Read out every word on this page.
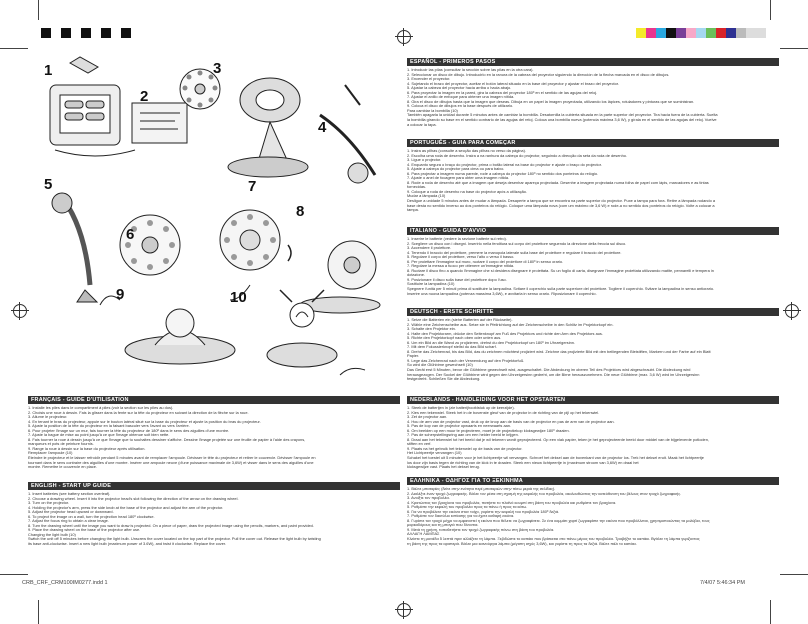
1
2
3
4
5
6
7
8
9	10
ESPAÑOL - PRIMEROS PASOS

1. Introducir las pilas (consultar la sección sobre las pilas en la otra cara).

2. Seleccionar un disco de dibujo. Introducirlo en la ranura de la cabeza del proyector siguiendo la dirección de la flecha marcada en el disco de dibujos.

3. Encender el proyector.

4. Sujetando el brazo del proyector, aceitar el botón lateral situado en la base del proyector y ajustar el brazo del proyector.

5. Ajustar la cabeza del proyector hacia arriba o hacia abajo.

6. Para proyectar la imagen en la pared, gira la cabeza del proyector 180º en el sentido de las agujas del reloj.

7. Ajustar el anillo de enfoque para obtener una imagen nítida.

8. Gira el disco de dibujos hasta que la imagen que deseas. Dibuja en un papel la imagen proyectada, utilizando los lápices, rotuladores y pinturas que se suministran.

9. Coloca el disco de dibujos en la base después de utilizarlo.

Para cambiar la bombilla (10)

También apagarla la unidad durante 5 minutos antes de cambiar la bombilla. Desatornilla la cubierta situada en la parte superior del proyector. Tira hacia fuera de la cubierta. Suelta

la bombilla girando su base en el sentido contrario de las agujas del reloj. Coloca una bombilla nueva (potencia máxima 3,6 W), y gírala en el sentido de las agujas del reloj. Vuelve

a colocar la tapa.

PORTUGUÊS - GUIA PARA COMEÇAR

1. Insira as pilhas (consulte a secção das pilhas no verso da página).

2. Escolha uma roda de desenho. Insira a na ranhura da cabeça do projector, seguindo a direcção da seta da roda de desenho.

3. Ligue o projector.

4. Enquanto segura o braço do projector, prima o botão lateral na base do projector e ajuste o braço do projector.

5. Ajuste a cabeça do projector para cima ou para baixo.

6. Para projectar a imagem numa parede, rode a cabeça do projector 180º no sentido dos ponteiros do relógio.

7. Ajuste o anel de focagem para obter uma imagem nítida.

8. Rode a roda de desenho até que a imagem que deseja desenhar apareça projectada. Desenhe a imagem projectada numa folha de papel com lápis, marcadores e as tintas

fornecidas.

9. Coloque a roda de desenho na base do projector após a utilização.

Mudar a lâmpada (10)

Desligue a unidade 5 minutos antes de mudar a lâmpada. Desaperte a tampa que se encontra na parte superior do projector. Puxe a tampa para fora. Retire a lâmpada rodando a

base desta no sentido inverso ao dos ponteiros do relógio. Coloque uma lâmpada nova (com um máximo de 3,6 W) e rode-a no sentido dos ponteiros do relógio. Volte a colocar a

tampa.

ITALIANO - GUIDA D'AVVIO

1. Inserire le batterie (vedere la sezione batterie sul retro).

2. Scegliere un disco con i disegni. Inserirlo nella fenditura sul corpo del proiettore seguendo la direzione della freccia sul disco.

3. Accendere il proiettore.

4. Tenendo il braccio del proiettore, premere la manopola laterale sulla base del proiettore e regolare il braccio del proiettore.

5. Regolare il corpo del proiettore, verso l'alto o verso il basso.

6. Per proiettare l'immagine sul muro, ruotare il corpo del proiettore di 180º in senso orario.

7. Regolare la messa a fuoco per ottenere un'immagine nitida.

8. Ruotare il disco fino a quando l'immagine che si desidera disegnare è proiettata. Su un foglio di carta, disegnare l'immagine proiettata utilizzando matite, pennarelli e tempera in

dotazione.

9. Posizionare il disco sulla base del proiettore dopo l'uso.

Sostituire la lampadina (10)

Spegnere l'unità per 5 minuti prima di sostituire la lampadina. Svitare il coperchio sulla parte superiore del proiettore. Togliere il coperchio. Svitare la lampadina in senso antiorario.

Inserire una nuova lampadina (potenza massima 3,6W), e avvitarla in senso orario. Riposizionare il coperchio.

DEUTSCH - ERSTE SCHRITTE

1. Setze die Batterien ein (siehe Batterien auf der Rückseite).

2. Wähle eine Zeichenscheibe aus. Setze sie in Pfeilrichtung auf der Zeichenscheibe in den Schlitz im Projektorkopf ein.

3. Schalte den Projektor ein.

4. Halte den Projektorarm, drücke den Seitenknopf am Fuß des Projektors und richte den Arm des Projektors aus.

5. Richte den Projektorkopf nach oben oder unten aus.

6. Um ein Bild an die Wand zu projizieren, drehst du den Projektorkopf um 180º im Uhrzeigersinn.

7. Mit dem Fokussierknopf stellst du das Bild scharf.

8. Drehe das Zeichenrad, bis das Bild, das du zeichnen möchtest projiziert wird. Zeichne das projizierte Bild mit den beiliegenden Bleistiften, Markern und der Farbe auf ein Blatt

Papier.

9. Lege das Zeichenrad nach der Verwendung auf den Projektorfuß.

So wird die Glühbirne gewechselt (10)

Das Gerät erst 5 Minuten, bevor die Glühbirne gewechselt wird, ausgeschaltet. Die Abdeckung im oberen Teil des Projektors wird abgeschraubt. Die Abdeckung wird

herausgezogen. Der Sockel der Glühbirne wird gegen den Uhrzeigersinn gedreht, um die Birne herauszunehmen. Die neue Glühbirne (max. 3,6 W) wird im Uhrzeigersinn

festgedreht. Schließen Sie die Abdeckung.

FRANÇAIS - GUIDE D'UTILISATION

1. Installe les piles dans le compartiment à piles (voir la section sur les piles au dos).

2. Choisis une roue à dessin. Fais la glisser dans la fente sur la tête du projecteur en suivant la direction de la flèche sur la roue.

3. Allume le projecteur.

4. En tenant le bras du projecteur, appuie sur le bouton latéral situé sur la base du projecteur et ajuste la position du bras du projecteur.

5. Ajuste la position de la tête du projecteur en la faisant basculer vers l'avant ou vers l'arrière.

6. Pour projeter l'image sur un mur, fais tourner la tête du projecteur de 180º dans le sens des aiguilles d'une montre.

7. Ajuste la bague de mise au point jusqu'à ce que l'image obtenue soit bien nette.

8. Fais tourner la roue à dessin jusqu'à ce que l'image que tu souhaites dessiner s'affiche. Dessine l'image projetée sur une feuille de papier à l'aide des crayons,

marqueurs et pots de peinture fournis.

9. Range la roue à dessin sur la base du projecteur après utilisation.

Remplacer l'ampoule (10)

Éteindre le projecteur et le laisser refroidir pendant 5 minutes avant de remplacer l'ampoule. Dévisser le tête du projecteur et retirer le couvercle. Dévisser l'ampoule en

tournant dans le sens contraire des aiguilles d'une montre. Insérer une ampoule neuve (d'une puissance maximale de 3,6W) et visser dans le sens des aiguilles d'une

montre. Remettre le couvercle en place.

ENGLISH - START UP GUIDE

1. Insert batteries (see battery section overleaf).

2. Choose a drawing wheel. Insert it into the projector head's slot following the direction of the arrow on the drawing wheel.

3. Turn on the projector.

4. Holding the projector's arm, press the side knob at the base of the projector and adjust the arm of the projector.

5. Adjust the projector head upward or downward.

6. To project the image on a wall, turn the projection head 180º clockwise.

7. Adjust the focus ring to obtain a clear image.

8. Turn the drawing wheel until the image you want to draw is projected. On a piece of paper, draw the projected image using the pencils, markers, and paint provided.

9. Place the drawing wheel on the base of the projector after use.

Changing the light bulb (10)

Switch the unit off 5 minutes before changing the light bulb. Unscrew the cover located on the top part of the projector. Pull the cover out. Release the light bulb by twisting

its base anti-clockwise. Insert a new light bulb (maximum power of 3.6W), and twist it clockwise. Replace the cover.

NEDERLANDS - HANDLEIDING VOOR HET OPSTARTEN

1. Steek de batterijen in (zie batterijhoofdstuk op de keerzijde).

2. Kies een tekenwiel. Steek het in de bovenste gleuf van de projector in de richting van de pijl op het tekenwiel.

3. Zet de projector aan.

4. Hou de arm van de projector vast, druk op de knop aan de basis van de projector en pas de arm van de projector aan.

5. Pas de kop van de projector opwaarts en neerwaarts aan.

6. Om beelden op een muur te projecteren, moet je de projectiekop kloksgewijze 180º draaien.

7. Pas de scherpstellingsring aan om een helder beeld te krijgen.

8. Draai aan het tekenwiel tot het beeld dat je wil tekenen wordt geprojecteerd. Op een vlak papier, teken je het geprojecteerde beeld door middel van de bijgeleverde potloden,

stiften en verf.

9. Plaats na het gebruik het tekenwiel op de basis van de projector.

Het Lichtpeertje vervangen (10)

Schakel het toestel uit 5 minuten voor je het lichtpeertje wil vervangen. Schroef het deksel aan de bovenkant van de projector los. Trek het deksel eruit. Maak het lichtpeertje

los door zijn basis tegen de richting van de klok in te draaien. Steek een nieuw lichtpeertje in (maximum stroom van 3,6W) en draai het

kloksgewijze vast. Plaats het deksel terug.

ΕΛΛΗΝΙΚΑ - ΟΔΗΓΟΣ ΓΙΑ ΤΟ ΞΕΚΙΝΗΜΑ

1. Βάλτε μπαταρίες (δείτε στην ενότητα περί μπαταριών στην πίσω μεριά της σελίδας).

2. Διαλέξτε έναν τροχό ζωγραφικής. Βάλτε τον μέσα στη σχισμή της κεφαλής του προβολέα, ακολουθώντας την κατεύθυνση του βέλους στον τροχό ζωγραφικής.

3. Ανοίξτε τον προβολέα.

4. Κρατώντας τον βραχίονα του προβολέα, πατήστε το πλαϊνό κουμπί στη βάση του προβολέα και ρυθμίστε τον βραχίονα.

5. Ρυθμίστε την κεφαλή του προβολέα προς τα πάνω ή προς τα κάτω.

6. Για να προβάλετε την εικόνα στον τοίχο, γυρίστε την κεφαλή του προβολέα 180º δεξιά.

7. Ρυθμίστε τον δακτύλιο εστίασης για να έχετε καθαρή εικόνα.

8. Γυρίστε τον τροχό μέχρι να εμφανιστεί η εικόνα που θέλετε να ζωγραφίσετε. Σε ένα κομμάτι χαρτί ζωγραφίστε την εικόνα που προβάλλεται, χρησιμοποιώντας τα μολύβια, τους

μαρκαδόρους και τη μπογιά που δίνονται.

9. Μετά τη χρήση, τοποθετήστε τον τροχό ζωγραφικής πάνω στη βάση του προβολέα.

ΑΛΛΑΓΗ ΛΑΜΠΑΣ

Κλείστε τη μονάδα 5 λεπτά πριν αλλάξετε τη λάμπα. Ξεβιδώστε το καπάκι που βρίσκεται στο πάνω μέρος του προβολέα. Τραβήξτε το καπάκι. Βγάλτε τη λάμπα γυρίζοντας

τη βάση της προς τα αριστερά. Βάλτε μια καινούργια λάμπα (μέγιστη ισχύς 3,6W), και γυρίστε τη προς τα δεξιά. Βάλτε πάλι το καπάκι.

CRB_CRF_CRM100IM0277.indd 1	7/4/07 5:46:34 PM
